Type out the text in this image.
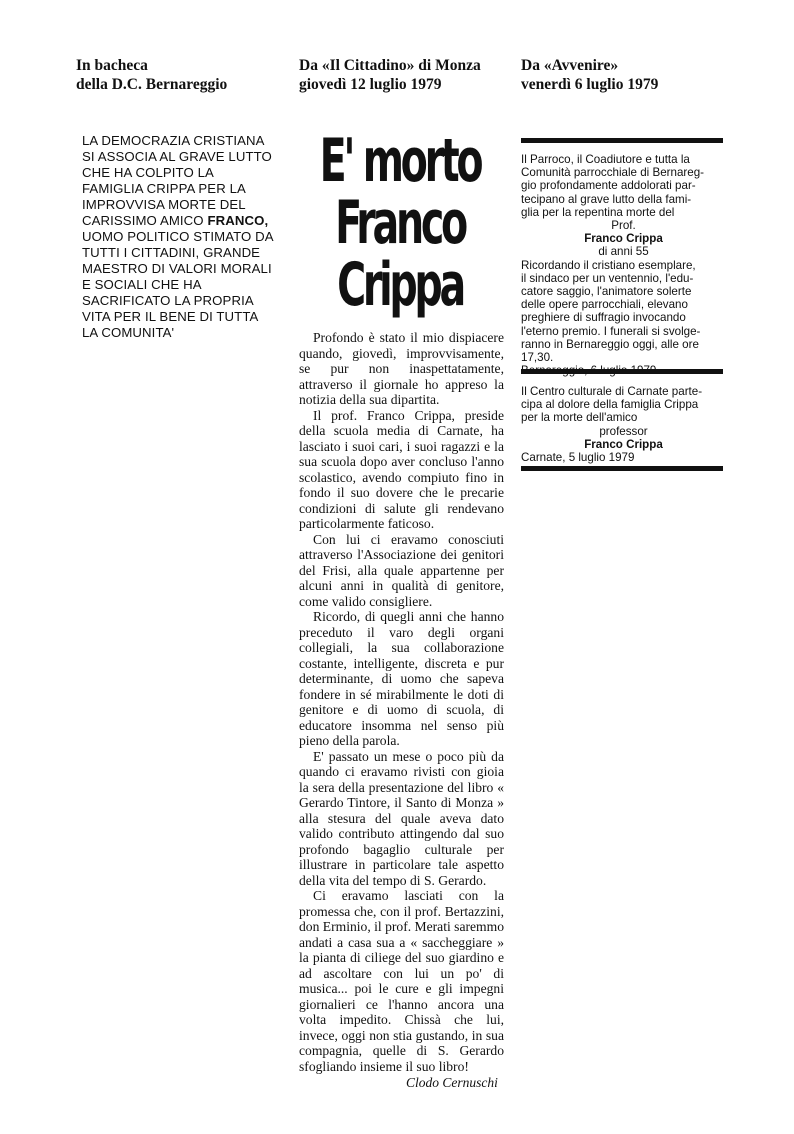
In bacheca
della D.C. Bernareggio
Da «Il Cittadino» di Monza
giovedì 12 luglio 1979
Da «Avvenire»
venerdì 6 luglio 1979
LA DEMOCRAZIA CRISTIANA
SI ASSOCIA AL GRAVE LUTTO
CHE HA COLPITO LA
FAMIGLIA CRIPPA PER LA
IMPROVVISA MORTE DEL
CARISSIMO AMICO FRANCO,
UOMO POLITICO STIMATO DA
TUTTI I CITTADINI, GRANDE
MAESTRO DI VALORI MORALI
E SOCIALI CHE HA
SACRIFICATO LA PROPRIA
VITA PER IL BENE DI TUTTA
LA COMUNITA'
E' morto
Franco
Crippa

Profondo è stato il mio dispiacere quando, giovedì, improvvisamente, se pur non inaspettatamente, attraverso il giornale ho appreso la notizia della sua dipartita.

Il prof. Franco Crippa, preside della scuola media di Carnate, ha lasciato i suoi cari, i suoi ragazzi e la sua scuola dopo aver concluso l'anno scolastico, avendo compiuto fino in fondo il suo dovere che le precarie condizioni di salute gli rendevano particolarmente faticoso.

Con lui ci eravamo conosciuti attraverso l'Associazione dei genitori del Frisi, alla quale appartenne per alcuni anni in qualità di genitore, come valido consigliere.

Ricordo, di quegli anni che hanno preceduto il varo degli organi collegiali, la sua collaborazione costante, intelligente, discreta e pur determinante, di uomo che sapeva fondere in sé mirabilmente le doti di genitore e di uomo di scuola, di educatore insomma nel senso più pieno della parola.

E' passato un mese o poco più da quando ci eravamo rivisti con gioia la sera della presentazione del libro « Gerardo Tintore, il Santo di Monza » alla stesura del quale aveva dato valido contributo attingendo dal suo profondo bagaglio culturale per illustrare in particolare tale aspetto della vita del tempo di S. Gerardo.

Ci eravamo lasciati con la promessa che, con il prof. Bertazzini, don Erminio, il prof. Merati saremmo andati a casa sua a « saccheggiare » la pianta di ciliege del suo giardino e ad ascoltare con lui un po' di musica... poi le cure e gli impegni giornalieri ce l'hanno ancora una volta impedito. Chissà che lui, invece, oggi non stia gustando, in sua compagnia, quelle di S. Gerardo sfogliando insieme il suo libro!

Clodo Cernuschi
Il Parroco, il Coadiutore e tutta la
Comunità parrocchiale di Bernareg-
gio profondamente addolorati par-
tecipano al grave lutto della fami-
glia per la repentina morte del
Prof.
Franco Crippa
di anni 55
Ricordando il cristiano esemplare,
il sindaco per un ventennio, l'edu-
catore saggio, l'animatore solerte
delle opere parrocchiali, elevano
preghiere di suffragio invocando
l'eterno premio. I funerali si svolge-
ranno in Bernareggio oggi, alle ore
17,30.
Il Centro culturale di Carnate parte-
cipa al dolore della famiglia Crippa
per la morte dell'amico
professor
Franco Crippa
Carnate, 5 luglio 1979
